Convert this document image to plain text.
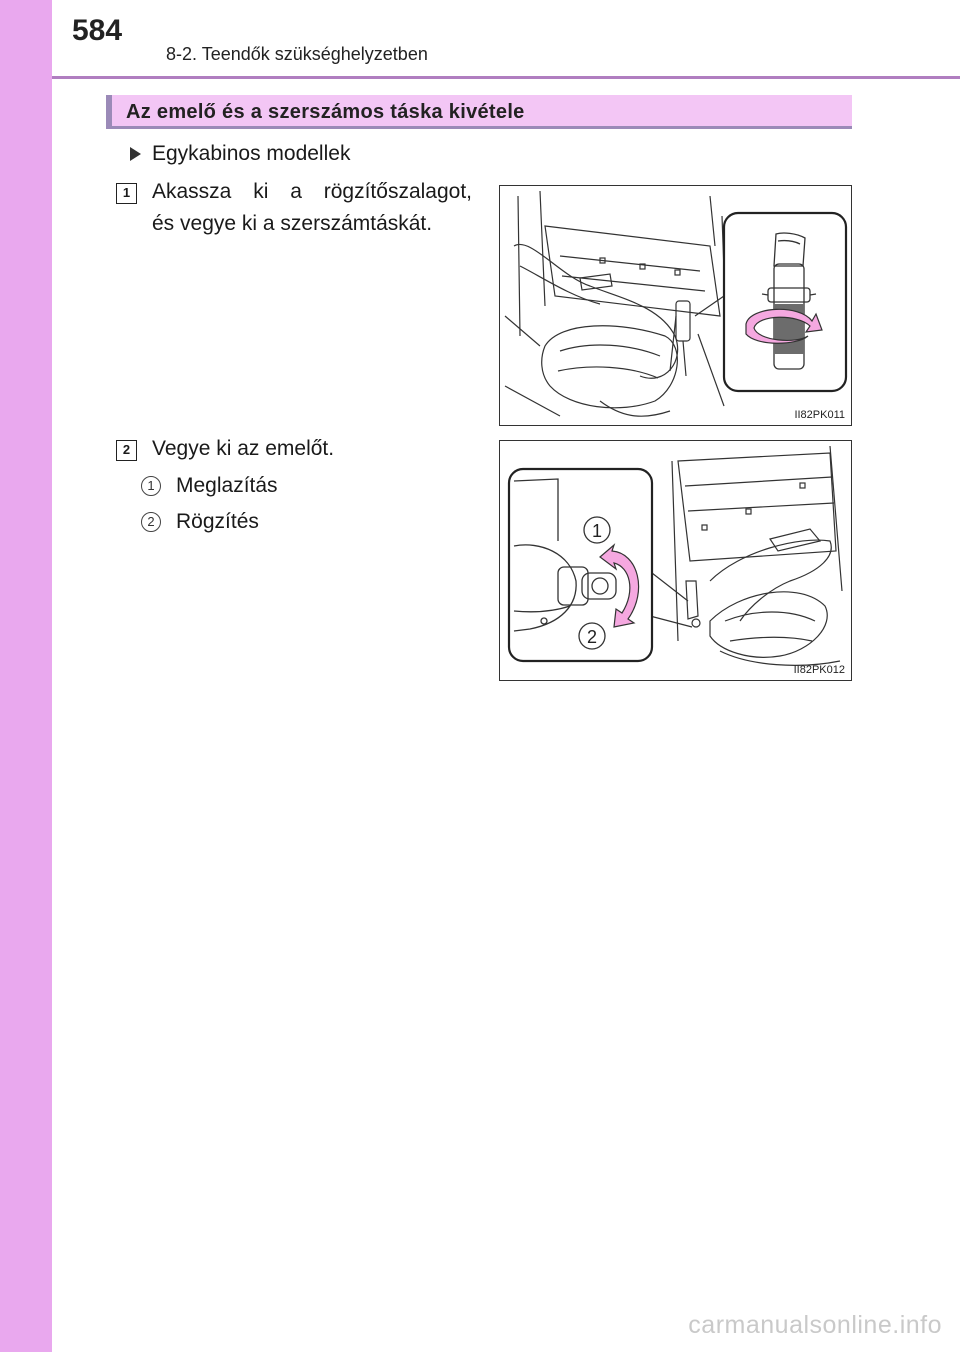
584
8-2. Teendők szükséghelyzetben
Az emelő és a szerszámos táska kivétele
Egykabinos modellek
1	Akassza ki a rögzítőszalagot,
és vegye ki a szerszámtáskát.
II82PK011
2	Vegye ki az emelőt.
1	Meglazítás
2	Rögzítés	1
2
II82PK012
carmanualsonline.info
